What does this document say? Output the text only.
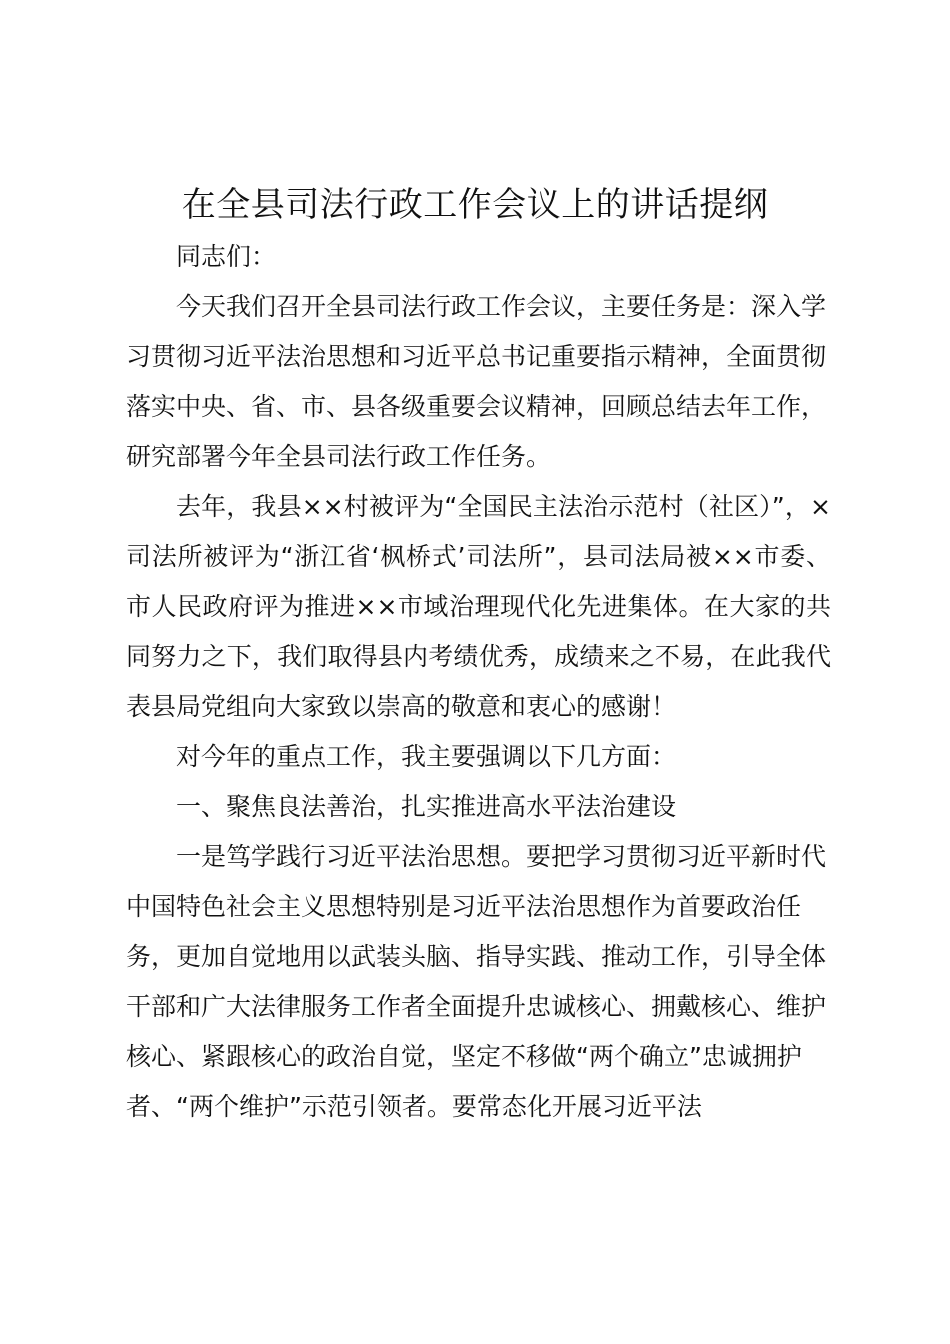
在全县司法行政工作会议上的讲话提纲

同志们：

今天我们召开全县司法行政工作会议，主要任务是：深入学习贯彻习近平法治思想和习近平总书记重要指示精神，全面贯彻落实中央、省、市、县各级重要会议精神，回顾总结去年工作，研究部署今年全县司法行政工作任务。

去年，我县××村被评为“全国民主法治示范村（社区）”，×司法所被评为“浙江省‘枫桥式’司法所”，县司法局被××市委、市人民政府评为推进××市域治理现代化先进集体。在大家的共同努力之下，我们取得县内考绩优秀，成绩来之不易，在此我代表县局党组向大家致以崇高的敬意和衷心的感谢！

对今年的重点工作，我主要强调以下几方面：

一、聚焦良法善治，扎实推进高水平法治建设

一是笃学践行习近平法治思想。要把学习贯彻习近平新时代中国特色社会主义思想特别是习近平法治思想作为首要政治任务，更加自觉地用以武装头脑、指导实践、推动工作，引导全体干部和广大法律服务工作者全面提升忠诚核心、拥戴核心、维护核心、紧跟核心的政治自觉，坚定不移做“两个确立”忠诚拥护者、“两个维护”示范引领者。要常态化开展习近平法
